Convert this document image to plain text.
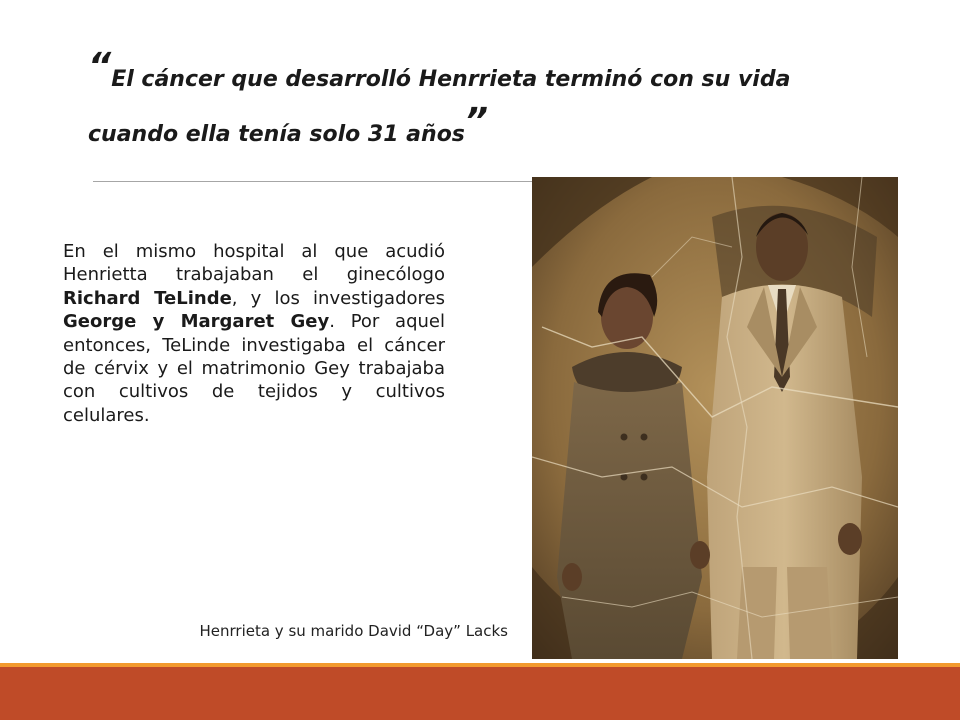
“El cáncer que desarrolló Henrrieta terminó con su vida cuando ella tenía solo 31 años”
En el mismo hospital al que acudió Henrietta trabajaban el ginecólogo Richard TeLinde, y los investigadores George y Margaret Gey. Por aquel entonces, TeLinde investigaba el cáncer de cérvix y el matrimonio Gey trabajaba con cultivos de tejidos y cultivos celulares.
Henrrieta y su marido David “Day” Lacks
